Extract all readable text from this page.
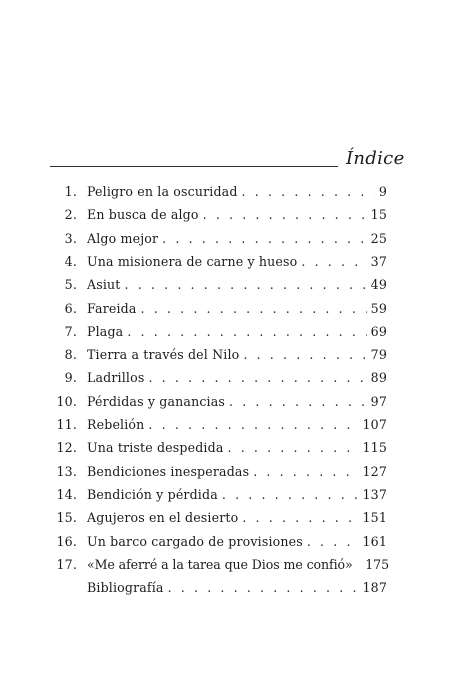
Índice
1. Peligro en la oscuridad . . .	9
2. En busca de algo . . .	15
3. Algo mejor . . .	25
4. Una misionera de carne y hueso . . .	37
5. Asiut . . .	49
6. Fareida . . .	59
7. Plaga . . .	69
8. Tierra a través del Nilo . . .	79
9. Ladrillos . . .	89
10. Pérdidas y ganancias . . .	97
11. Rebelión . . .	107
12. Una triste despedida . . .	115
13. Bendiciones inesperadas . . .	127
14. Bendición y pérdida . . .	137
15. Agujeros en el desierto . . .	151
16. Un barco cargado de provisiones . . .	161
17. «Me aferré a la tarea que Dios me confió» 175
Bibliografía . . .	187
